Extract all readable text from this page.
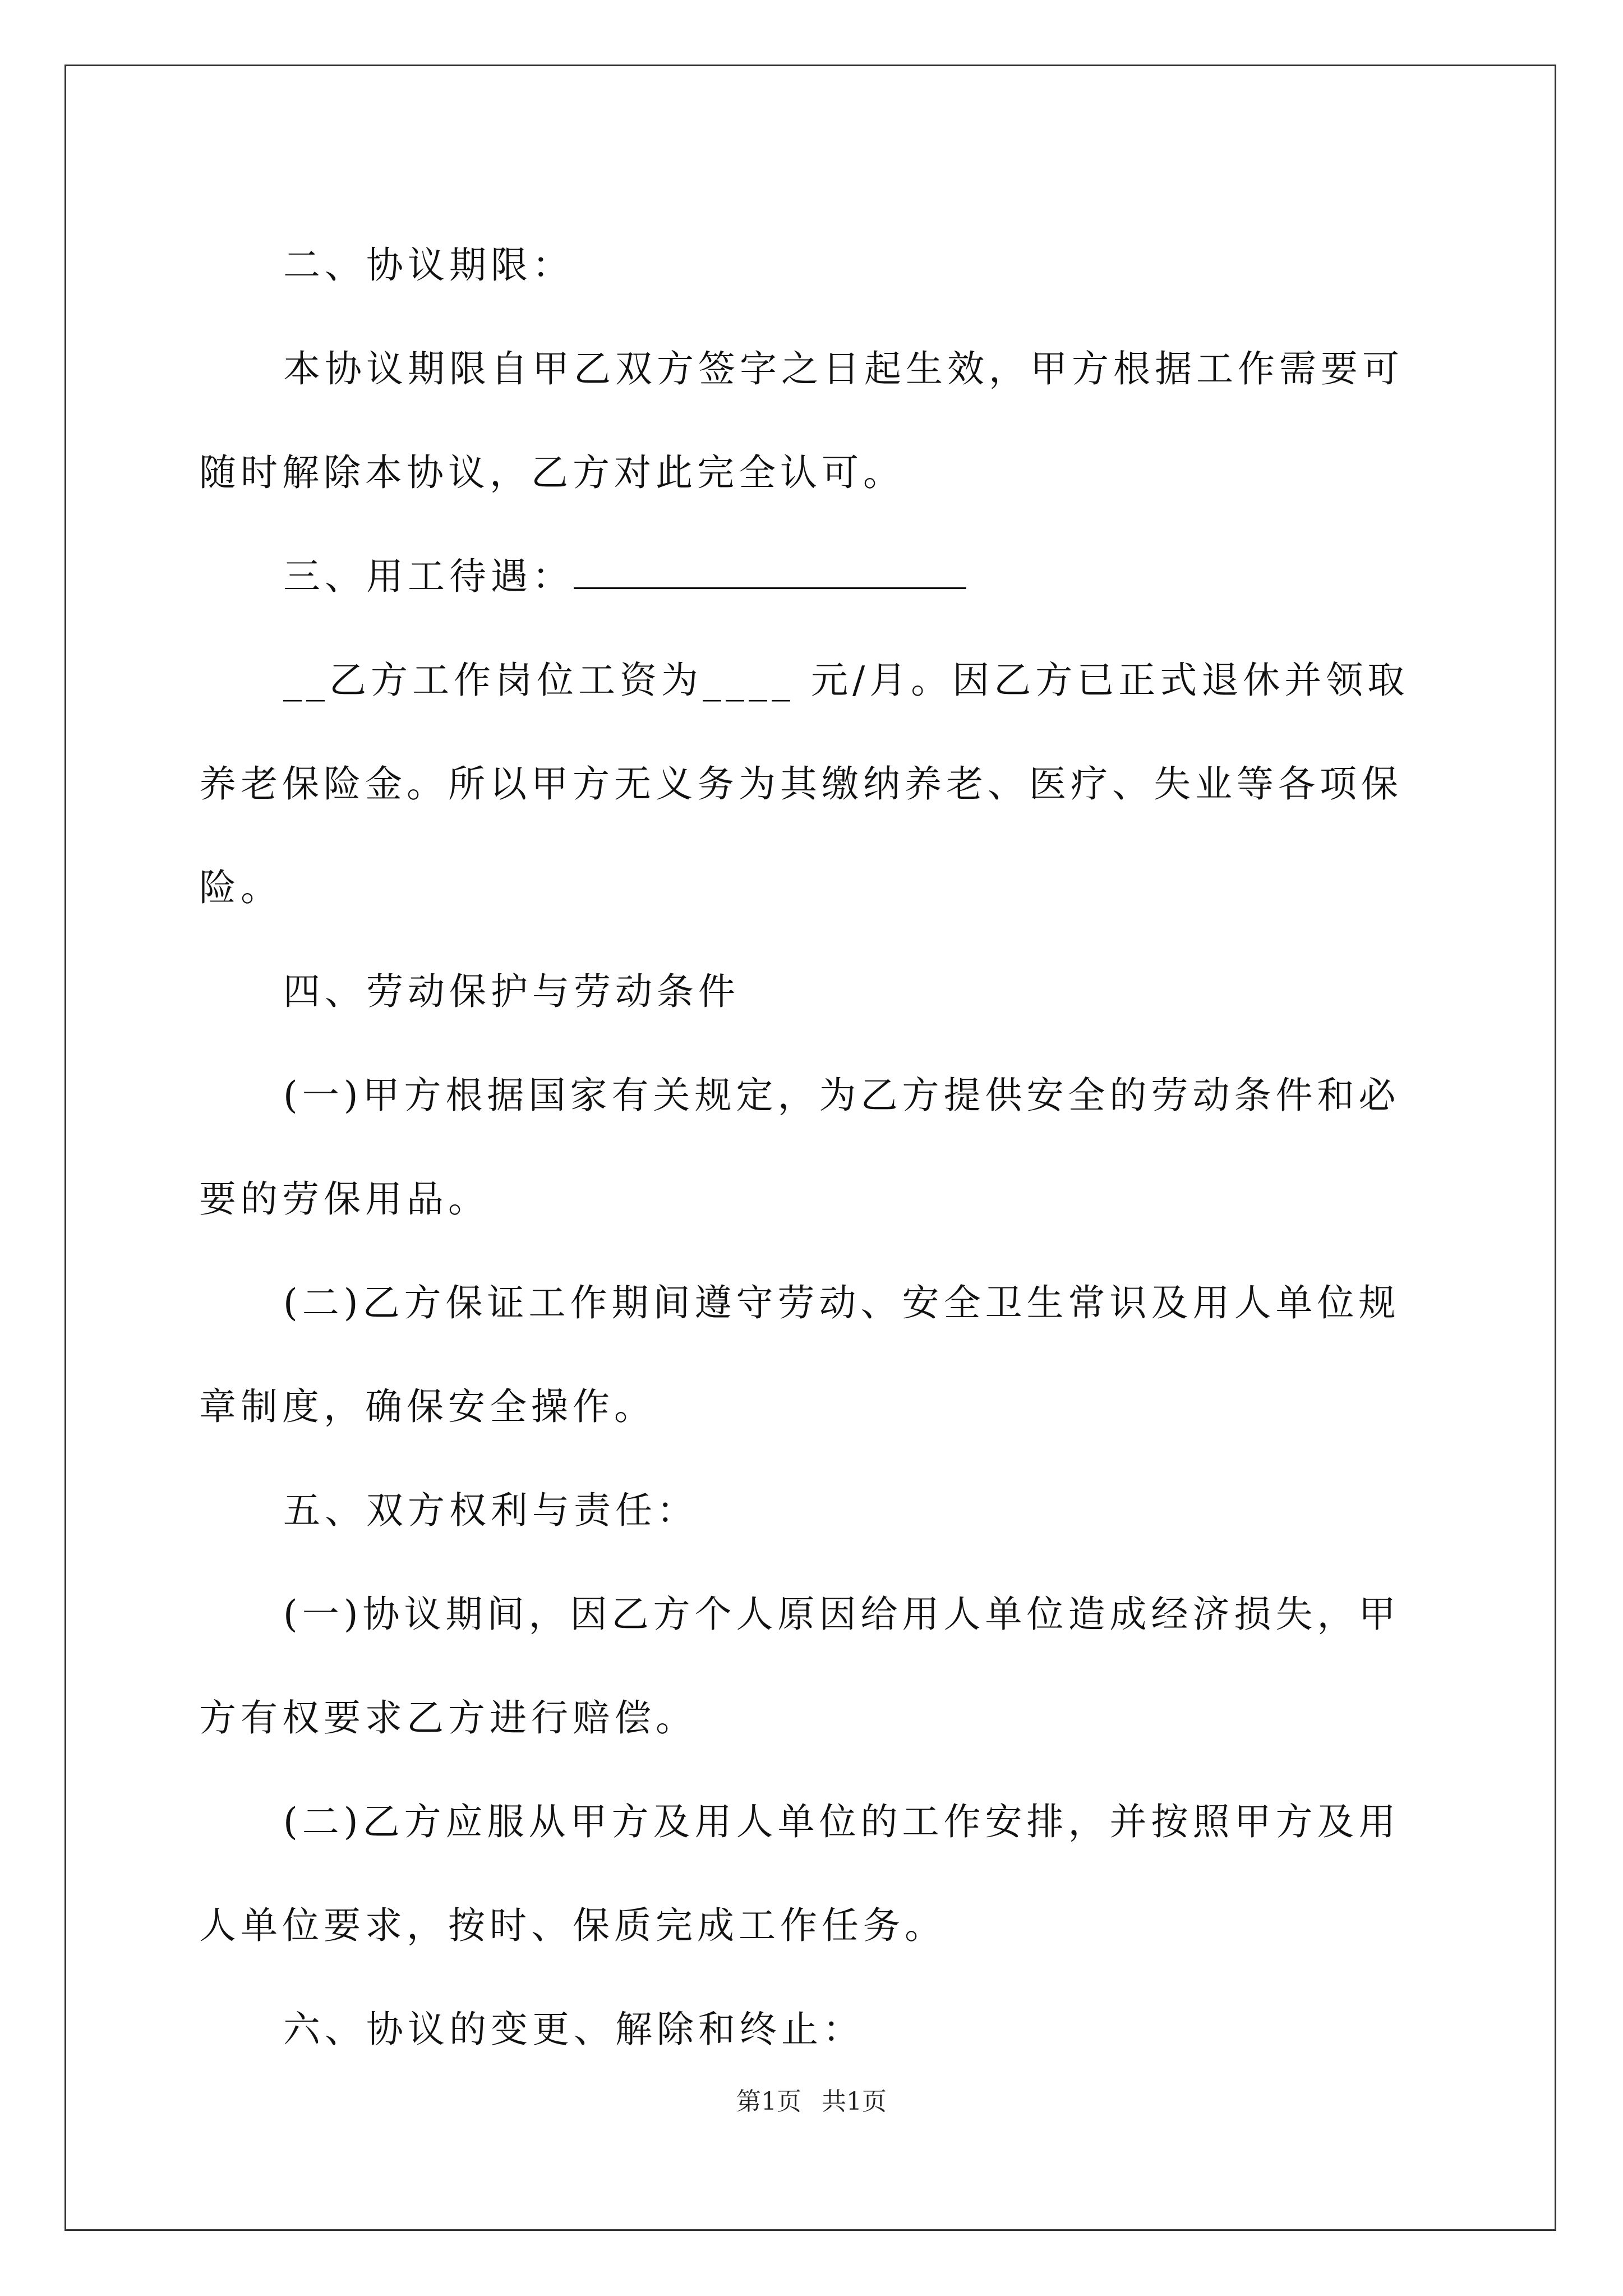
二、协议期限：

本协议期限自甲乙双方签字之日起生效，甲方根据工作需要可随时解除本协议，乙方对此完全认可。

三、用工待遇：

__乙方工作岗位工资为____ 元/月。因乙方已正式退休并领取养老保险金。所以甲方无义务为其缴纳养老、医疗、失业等各项保险。

四、劳动保护与劳动条件

(一)甲方根据国家有关规定，为乙方提供安全的劳动条件和必要的劳保用品。

(二)乙方保证工作期间遵守劳动、安全卫生常识及用人单位规章制度，确保安全操作。

五、双方权利与责任：

(一)协议期间，因乙方个人原因给用人单位造成经济损失，甲方有权要求乙方进行赔偿。

(二)乙方应服从甲方及用人单位的工作安排，并按照甲方及用人单位要求，按时、保质完成工作任务。

六、协议的变更、解除和终止：

第1页 共1页
